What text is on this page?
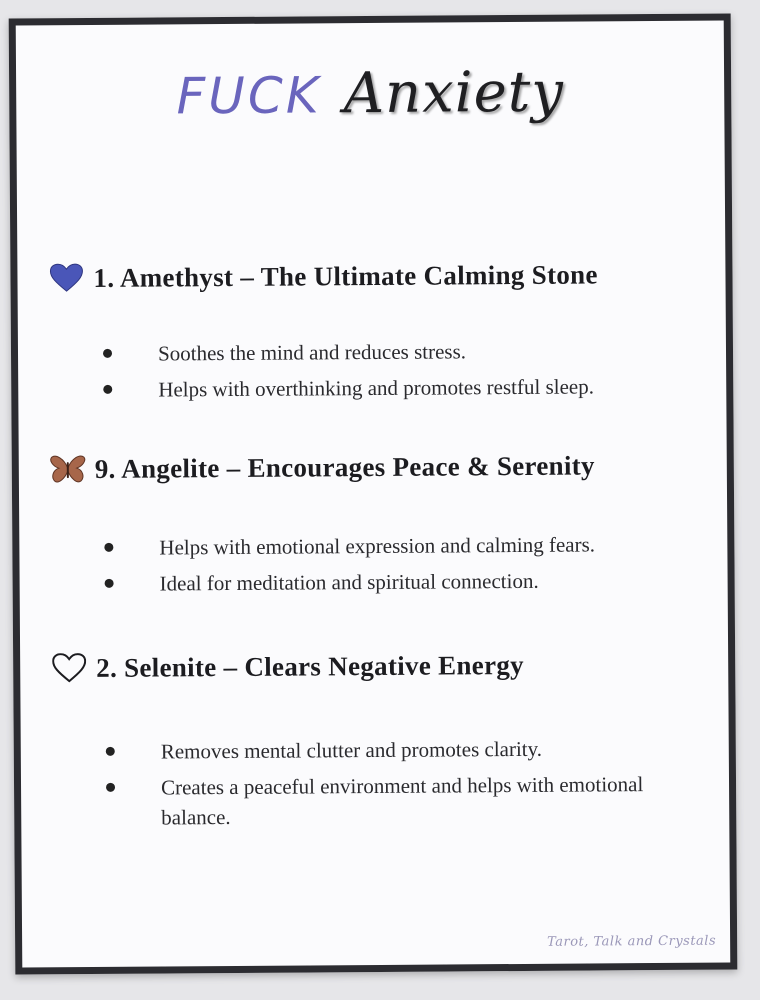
FUCK Anxiety
1. Amethyst – The Ultimate Calming Stone
Soothes the mind and reduces stress.
Helps with overthinking and promotes restful sleep.
9. Angelite – Encourages Peace & Serenity
Helps with emotional expression and calming fears.
Ideal for meditation and spiritual connection.
2. Selenite – Clears Negative Energy
Removes mental clutter and promotes clarity.
Creates a peaceful environment and helps with emotional balance.
Tarot, Talk and Crystals
